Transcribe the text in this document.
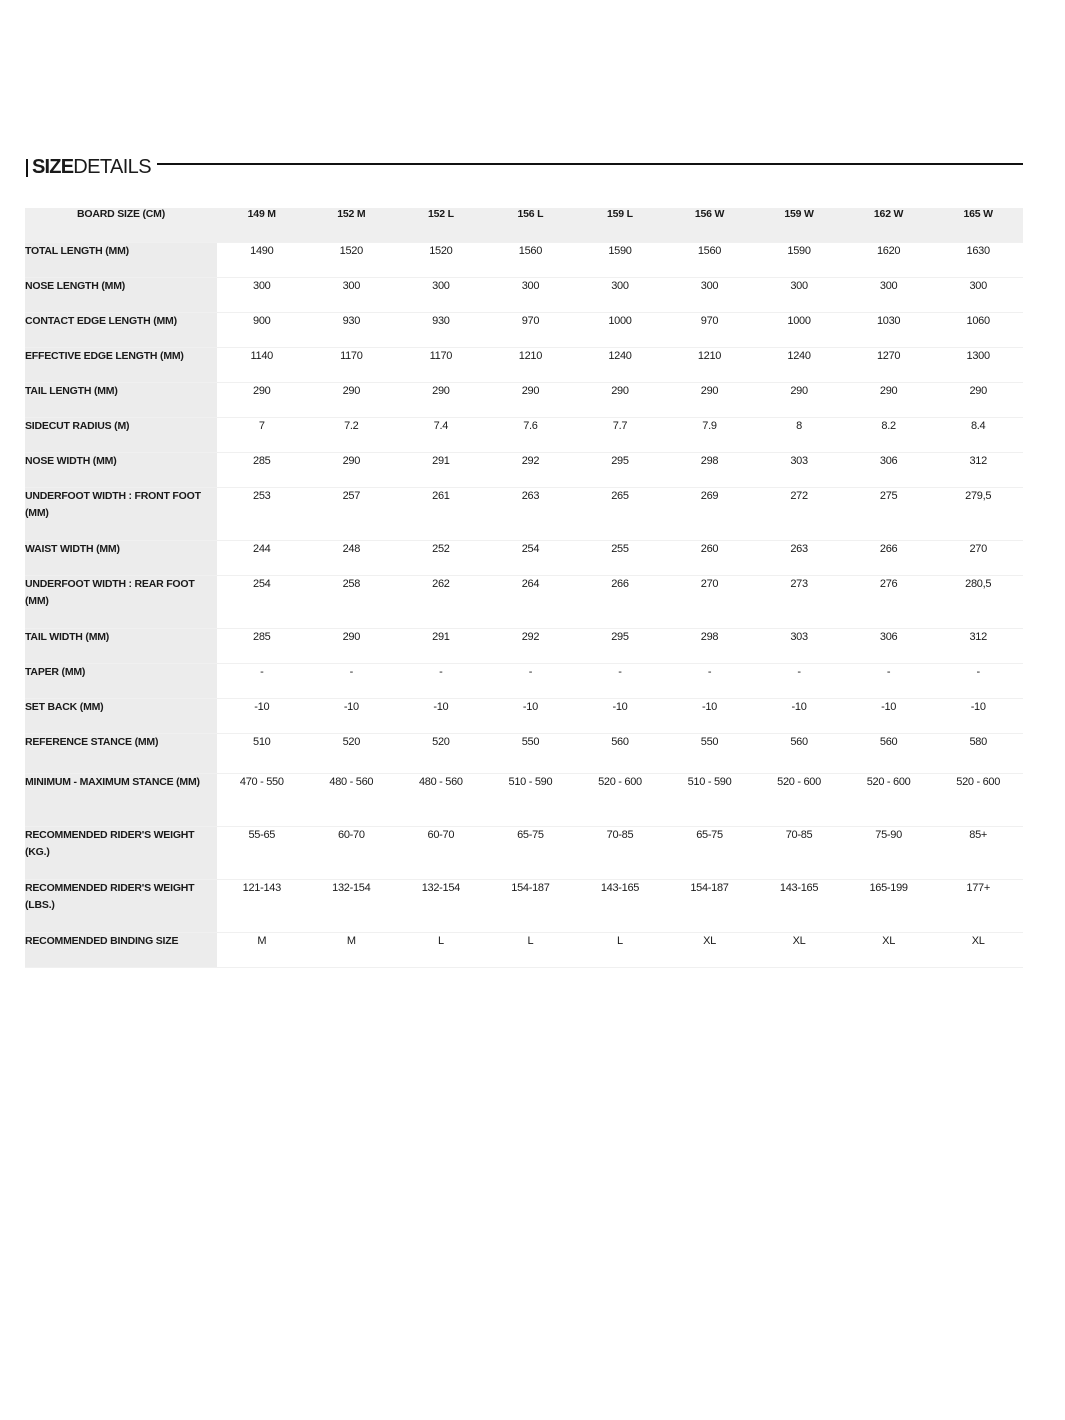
SIZE DETAILS
BOARD SIZE (CM)	149 M	152 M	152 L	156 L	159 L	156 W	159 W	162 W	165 W
TOTAL LENGTH (MM)	1490	1520	1520	1560	1590	1560	1590	1620	1630
NOSE LENGTH (MM)	300	300	300	300	300	300	300	300	300
CONTACT EDGE LENGTH (MM)	900	930	930	970	1000	970	1000	1030	1060
EFFECTIVE EDGE LENGTH (MM)	1140	1170	1170	1210	1240	1210	1240	1270	1300
TAIL LENGTH (MM)	290	290	290	290	290	290	290	290	290
SIDECUT RADIUS (M)	7	7.2	7.4	7.6	7.7	7.9	8	8.2	8.4
NOSE WIDTH (MM)	285	290	291	292	295	298	303	306	312
UNDERFOOT WIDTH : FRONT FOOT (MM)	253	257	261	263	265	269	272	275	279,5
WAIST WIDTH (MM)	244	248	252	254	255	260	263	266	270
UNDERFOOT WIDTH : REAR FOOT (MM)	254	258	262	264	266	270	273	276	280,5
TAIL WIDTH (MM)	285	290	291	292	295	298	303	306	312
TAPER (MM)	-	-	-	-	-	-	-	-	-
SET BACK (MM)	-10	-10	-10	-10	-10	-10	-10	-10	-10
REFERENCE STANCE (MM)	510	520	520	550	560	550	560	560	580
MINIMUM - MAXIMUM STANCE (MM)	470 - 550	480 - 560	480 - 560	510 - 590	520 - 600	510 - 590	520 - 600	520 - 600	520 - 600
RECOMMENDED RIDER'S WEIGHT (KG.)	55-65	60-70	60-70	65-75	70-85	65-75	70-85	75-90	85+
RECOMMENDED RIDER'S WEIGHT (LBS.)	121-143	132-154	132-154	154-187	143-165	154-187	143-165	165-199	177+
RECOMMENDED BINDING SIZE	M	M	L	L	L	XL	XL	XL	XL
